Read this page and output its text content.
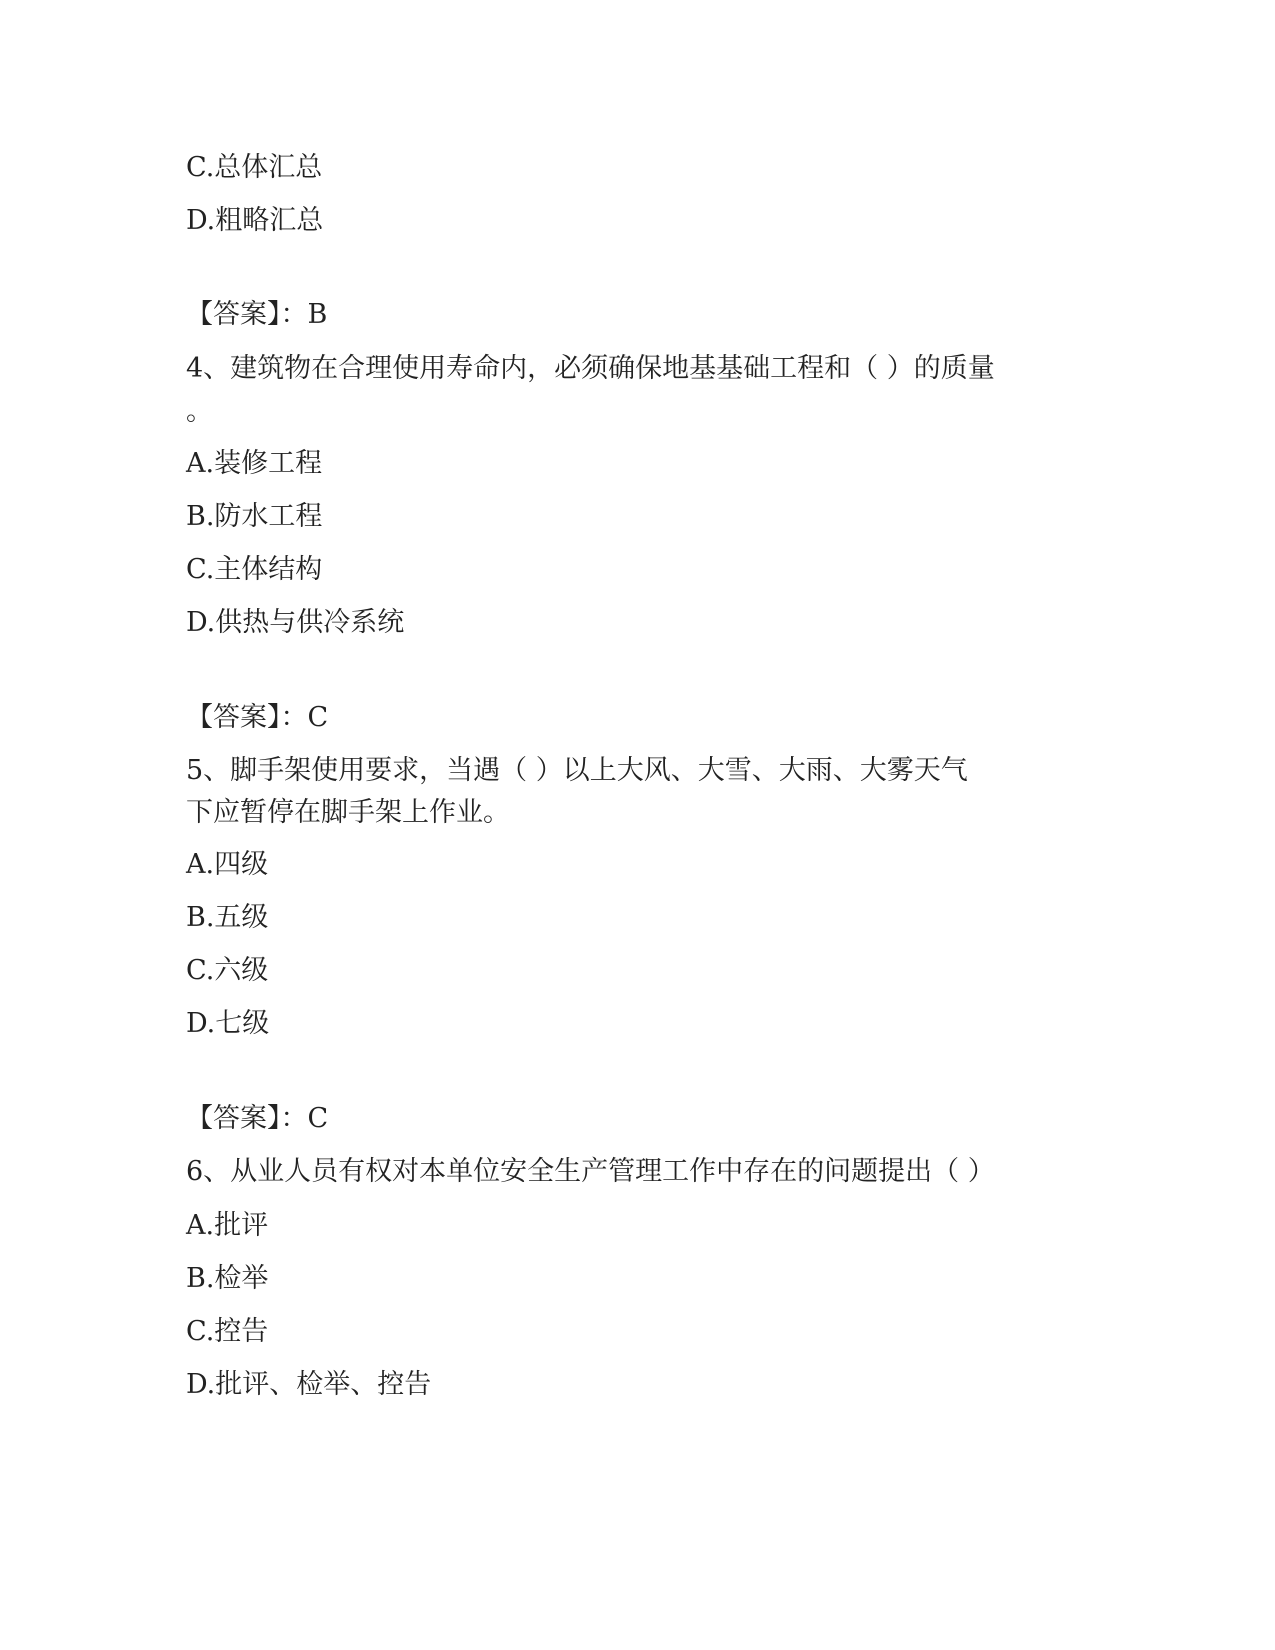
C.总体汇总
D.粗略汇总
【答案】：B
4、建筑物在合理使用寿命内，必须确保地基基础工程和（ ）的质量
。
A.装修工程
B.防水工程
C.主体结构
D.供热与供冷系统
【答案】：C
5、脚手架使用要求，当遇（ ）以上大风、大雪、大雨、大雾天气
下应暂停在脚手架上作业。
A.四级
B.五级
C.六级
D.七级
【答案】：C
6、从业人员有权对本单位安全生产管理工作中存在的问题提出（ ）
A.批评
B.检举
C.控告
D.批评、检举、控告
